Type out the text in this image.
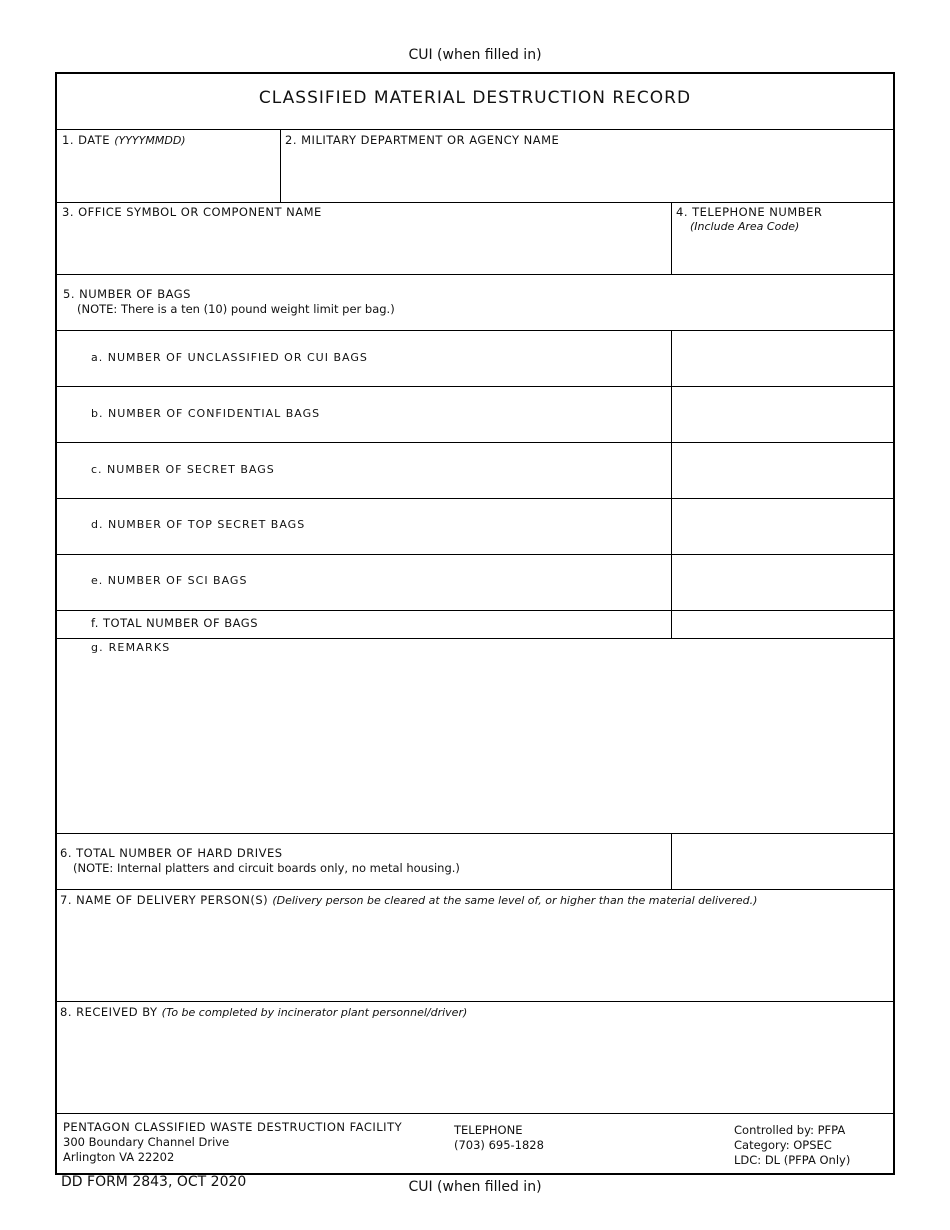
CUI (when filled in)
CLASSIFIED MATERIAL DESTRUCTION RECORD
1. DATE (YYYYMMDD)	2. MILITARY DEPARTMENT OR AGENCY NAME
3. OFFICE SYMBOL OR COMPONENT NAME	4. TELEPHONE NUMBER
(Include Area Code)
5. NUMBER OF BAGS
(NOTE: There is a ten (10) pound weight limit per bag.)
a. NUMBER OF UNCLASSIFIED OR CUI BAGS
b. NUMBER OF CONFIDENTIAL BAGS
c. NUMBER OF SECRET BAGS
d. NUMBER OF TOP SECRET BAGS
e. NUMBER OF SCI BAGS
f. TOTAL NUMBER OF BAGS
g. REMARKS
6. TOTAL NUMBER OF HARD DRIVES
(NOTE: Internal platters and circuit boards only, no metal housing.)
7. NAME OF DELIVERY PERSON(S) (Delivery person be cleared at the same level of, or higher than the material delivered.)
8. RECEIVED BY (To be completed by incinerator plant personnel/driver)
PENTAGON CLASSIFIED WASTE DESTRUCTION FACILITY
300 Boundary Channel Drive
Arlington VA 22202
TELEPHONE
(703) 695-1828
Controlled by: PFPA
Category: OPSEC
LDC: DL (PFPA Only)
DD FORM 2843, OCT 2020	CUI (when filled in)
